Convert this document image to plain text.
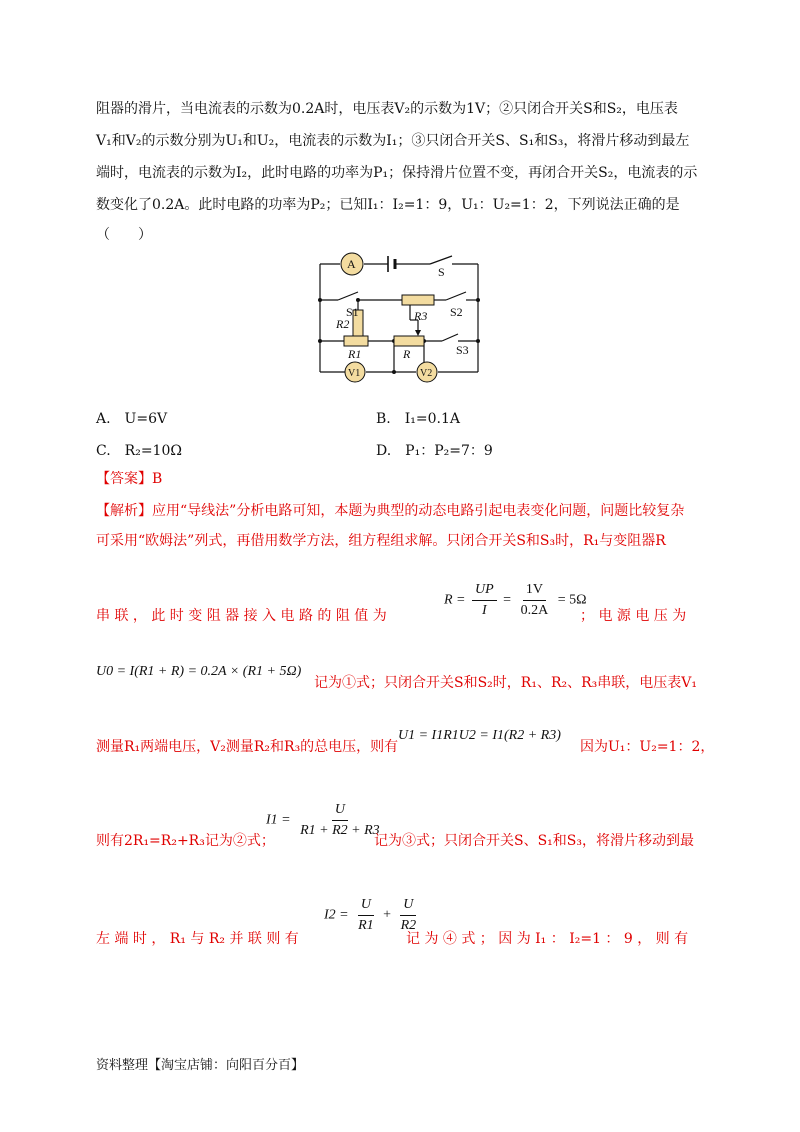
阻器的滑片，当电流表的示数为0.2A时，电压表V₂的示数为1V；②只闭合开关S和S₂，电压表
V₁和V₂的示数分别为U₁和U₂，电流表的示数为I₁；③只闭合开关S、S₁和S₃，将滑片移动到最左
端时，电流表的示数为I₂，此时电路的功率为P₁；保持滑片位置不变，再闭合开关S₂，电流表的示
数变化了0.2A。此时电路的功率为P₂；已知I₁：I₂=1：9，U₁：U₂=1：2，下列说法正确的是
（　　）
A
V1	V2
S
S1	S2
S3
R2
R3
R1	R
A.　U=6V	B.　I₁=0.1A
C.　R₂=10Ω	D.　P₁：P₂=7：9
【答案】B
【解析】应用“导线法”分析电路可知，本题为典型的动态电路引起电表变化问题，问题比较复杂
可采用“欧姆法”列式，再借用数学方法，组方程组求解。只闭合开关S和S₃时，R₁与变阻器R
串 联 ， 此 时 变 阻 器 接 入 电 路 的 阻 值 为
$R = \frac{UP}{I} = \frac{1V}{0.2A} = 5\Omega$
； 电 源 电 压 为
U0 = I(R1 + R) = 0.2A × (R1 + 5Ω)
记为①式；只闭合开关S和S₂时，R₁、R₂、R₃串联，电压表V₁
测量R₁两端电压，V₂测量R₂和R₃的总电压，则有
U1 = I1R1U2 = I1(R2 + R3)
因为U₁：U₂=1：2，
则有2R₁=R₂+R₃记为②式；
$I1 = \frac{U}{R1 + R2 + R3}$
记为③式；只闭合开关S、S₁和S₃，将滑片移动到最
左 端 时 ， R₁ 与 R₂ 并 联 则 有
$I2 = \frac{U}{R1} + \frac{U}{R2}$
记 为 ④ 式 ； 因 为 I₁ ： I₂=1 ： 9 ， 则 有
资料整理【淘宝店铺：向阳百分百】
